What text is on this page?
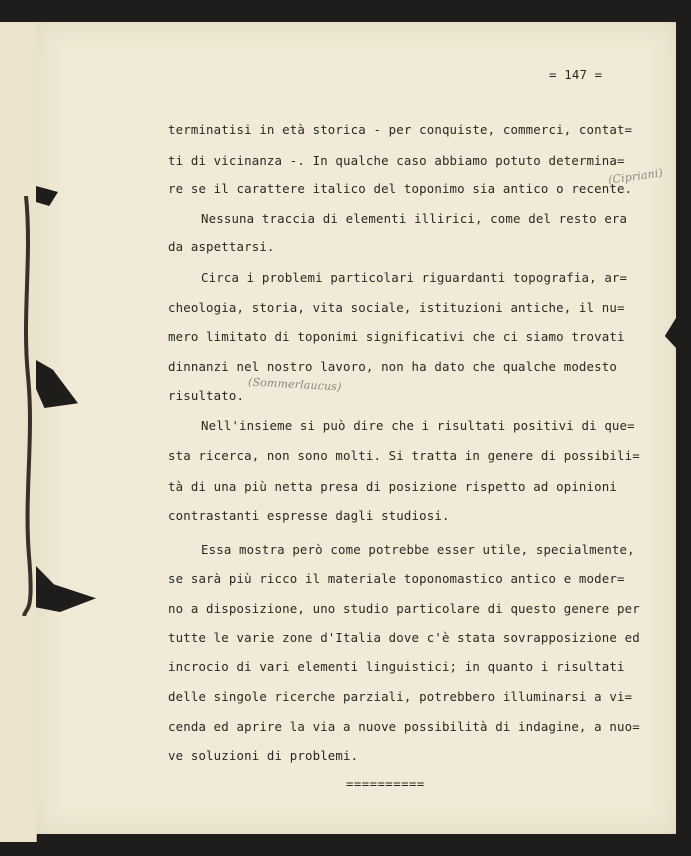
= 147 =
==========
terminatisi in età storica - per conquiste, commerci, contat=
ti di vicinanza -. In qualche caso abbiamo potuto determina=
re se il carattere italico del toponimo sia antico o recente.
Nessuna traccia di elementi illirici, come del resto era
da aspettarsi.
Circa i problemi particolari riguardanti topografia, ar=
cheologia, storia, vita sociale, istituzioni antiche, il nu=
mero limitato di toponimi significativi che ci siamo trovati
dinnanzi nel nostro lavoro, non ha dato che qualche modesto
risultato.
Nell'insieme si può dire che i risultati positivi di que=
sta ricerca, non sono molti. Si tratta in genere di possibili=
tà di una più netta presa di posizione rispetto ad opinioni
contrastanti espresse dagli studiosi.
Essa mostra però come potrebbe esser utile, specialmente,
se sarà più ricco il materiale toponomastico antico e moder=
no a disposizione, uno studio particolare di questo genere per
tutte le varie zone d'Italia dove c'è stata sovrapposizione ed
incrocio di vari elementi linguistici; in quanto i risultati
delle singole ricerche parziali, potrebbero illuminarsi a vi=
cenda ed aprire la via a nuove possibilità di indagine, a nuo=
ve soluzioni di problemi.
(Cipriani)
(Sommerlaucus)
